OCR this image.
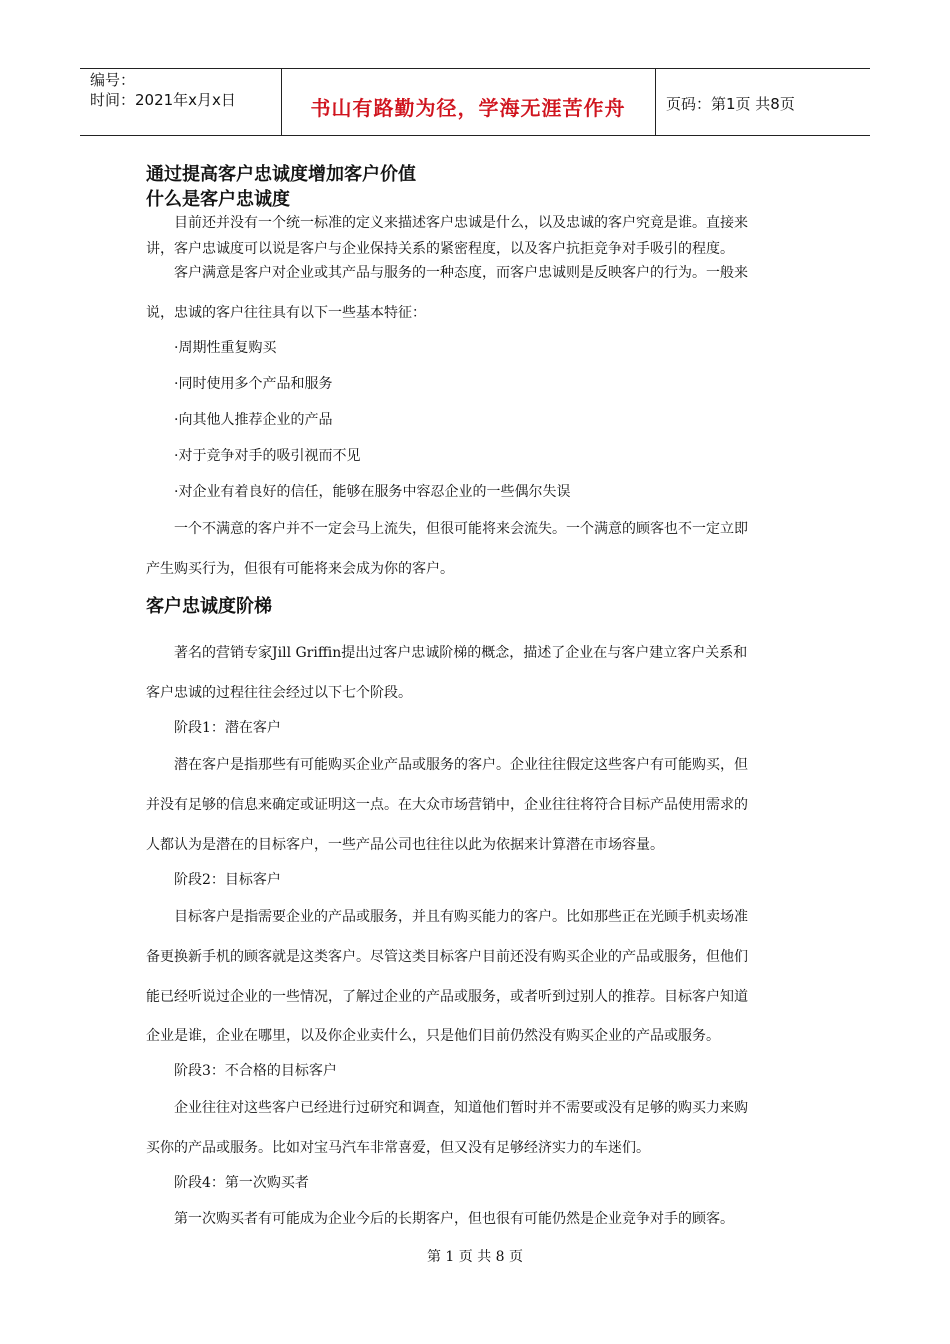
编号：
时间：2021年x月x日	书山有路勤为径，学海无涯苦作舟	页码：第1页 共8页
通过提高客户忠诚度增加客户价值
什么是客户忠诚度

目前还并没有一个统一标准的定义来描述客户忠诚是什么，以及忠诚的客户究竟是谁。直接来

讲，客户忠诚度可以说是客户与企业保持关系的紧密程度，以及客户抗拒竞争对手吸引的程度。

客户满意是客户对企业或其产品与服务的一种态度，而客户忠诚则是反映客户的行为。一般来

说，忠诚的客户往往具有以下一些基本特征：

·周期性重复购买

·同时使用多个产品和服务

·向其他人推荐企业的产品

·对于竞争对手的吸引视而不见

·对企业有着良好的信任，能够在服务中容忍企业的一些偶尔失误

一个不满意的客户并不一定会马上流失，但很可能将来会流失。一个满意的顾客也不一定立即

产生购买行为，但很有可能将来会成为你的客户。

客户忠诚度阶梯

著名的营销专家Jill Griffin提出过客户忠诚阶梯的概念，描述了企业在与客户建立客户关系和

客户忠诚的过程往往会经过以下七个阶段。

阶段1：潜在客户

潜在客户是指那些有可能购买企业产品或服务的客户。企业往往假定这些客户有可能购买，但

并没有足够的信息来确定或证明这一点。在大众市场营销中，企业往往将符合目标产品使用需求的

人都认为是潜在的目标客户，一些产品公司也往往以此为依据来计算潜在市场容量。

阶段2：目标客户

目标客户是指需要企业的产品或服务，并且有购买能力的客户。比如那些正在光顾手机卖场准

备更换新手机的顾客就是这类客户。尽管这类目标客户目前还没有购买企业的产品或服务，但他们

能已经听说过企业的一些情况，了解过企业的产品或服务，或者听到过别人的推荐。目标客户知道

企业是谁，企业在哪里，以及你企业卖什么，只是他们目前仍然没有购买企业的产品或服务。

阶段3：不合格的目标客户

企业往往对这些客户已经进行过研究和调查，知道他们暂时并不需要或没有足够的购买力来购

买你的产品或服务。比如对宝马汽车非常喜爱，但又没有足够经济实力的车迷们。

阶段4：第一次购买者

第一次购买者有可能成为企业今后的长期客户，但也很有可能仍然是企业竞争对手的顾客。

第 1 页 共 8 页
